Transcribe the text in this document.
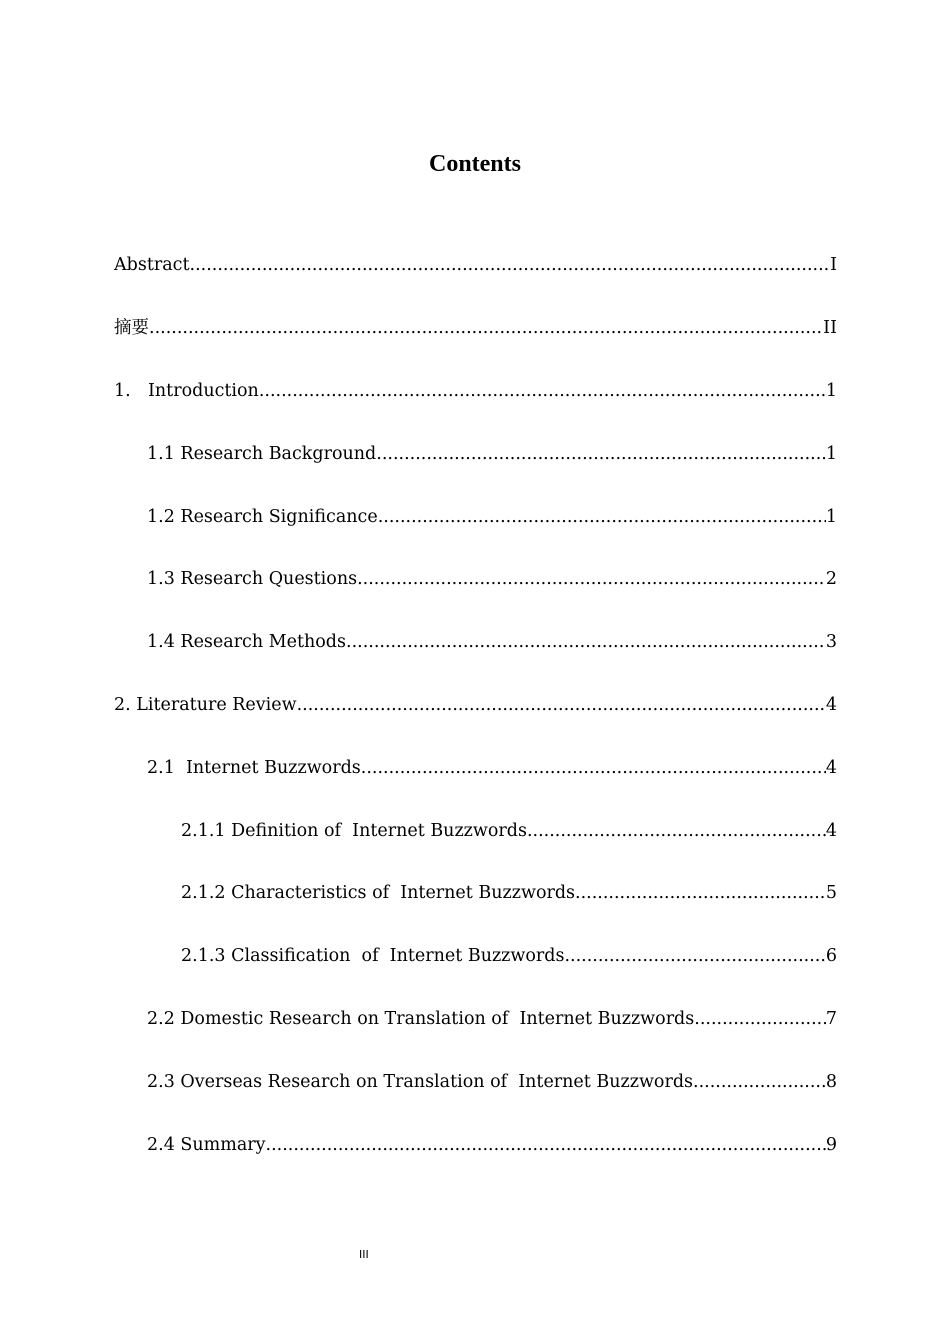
Contents
Abstract .....	I
摘要 .....	II
1. Introduction .....	1
1.1 Research Background .....	1
1.2 Research Significance .....	1
1.3 Research Questions .....	2
1.4 Research Methods .....	3
2. Literature Review .....	4
2.1  Internet Buzzwords .....	4
2.1.1 Definition of  Internet Buzzwords .....	4
2.1.2 Characteristics of  Internet Buzzwords .....	5
2.1.3 Classification  of  Internet Buzzwords .....	6
2.2 Domestic Research on Translation of  Internet Buzzwords .....	7
2.3 Overseas Research on Translation of  Internet Buzzwords .....	8
2.4 Summary .....	9
III
